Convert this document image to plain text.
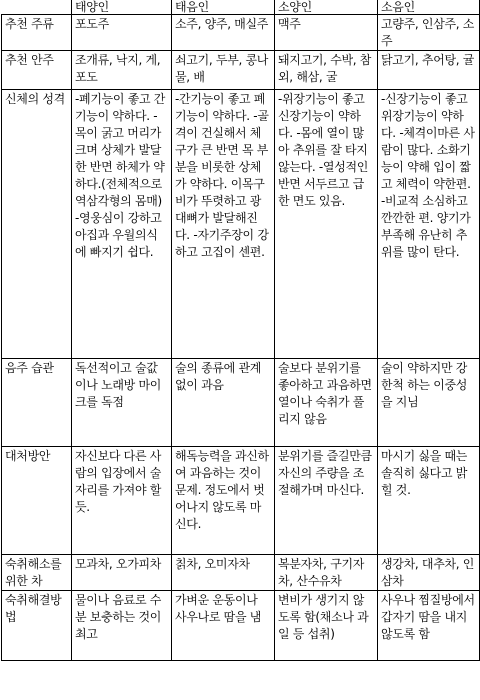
	태양인	태음인	소양인	소음인
추천 주류	포도주	소주, 양주, 매실주	맥주	고량주, 인삼주, 소주
추천 안주	조개류, 낙지, 게, 포도	쇠고기, 두부, 콩나물, 배	돼지고기, 수박, 참외, 해삼, 굴	닭고기, 추어탕, 귤
신체의 성격	-폐기능이 좋고 간기능이 약하다. -목이 굵고 머리가 크며 상체가 발달한 반면 하체가 약하다.(전체적으로 역삼각형의 몸매) -영웅심이 강하고 아집과 우월의식에 빠지기 쉽다.	-간기능이 좋고 폐기능이 약하다. -골격이 건실해서 체구가 큰 반면 목 부분을 비롯한 상체가 약하다. 이목구비가 뚜렷하고 광대뼈가 발달해진다. -자기주장이 강하고 고집이 센편.	-위장기능이 좋고 신장기능이 약하다. -몸에 열이 많아 추위를 잘 타지 않는다. -열성적인 반면 서두르고 급한 면도 있음.	-신장기능이 좋고 위장기능이 약하다. -체격이마른 사람이 많다. 소화기능이 약해 입이 짧고 체력이 약한편. -비교적 소심하고 깐깐한 편. 양기가 부족해 유난히 추위를 많이 탄다.
음주 습관	독선적이고 술값이나 노래방 마이크를 독점	술의 종류에 관계없이 과음	술보다 분위기를 좋아하고 과음하면 열이나 숙취가 풀리지 않음	술이 약하지만 강한척 하는 이중성을 지님
대처방안	자신보다 다른 사람의 입장에서 술자리를 가져야 할듯.	해독능력을 과신하여 과음하는 것이 문제. 정도에서 벗어나지 않도록 마신다.	분위기를 즐길만큼 자신의 주량을 조절해가며 마신다.	마시기 싫을 때는 솔직히 싫다고 밝힐 것.
숙취해소를위한 차	모과차, 오가피차	칡차, 오미자차	복분자차, 구기자차, 산수유차	생강차, 대추차, 인삼차
숙취해결방법	물이나 음료로 수분 보충하는 것이 최고	가벼운 운동이나 사우나로 땀을 냄	변비가 생기지 않도록 함(채소나 과일 등 섭취)	사우나 찜질방에서 갑자기 땀을 내지 않도록 함
